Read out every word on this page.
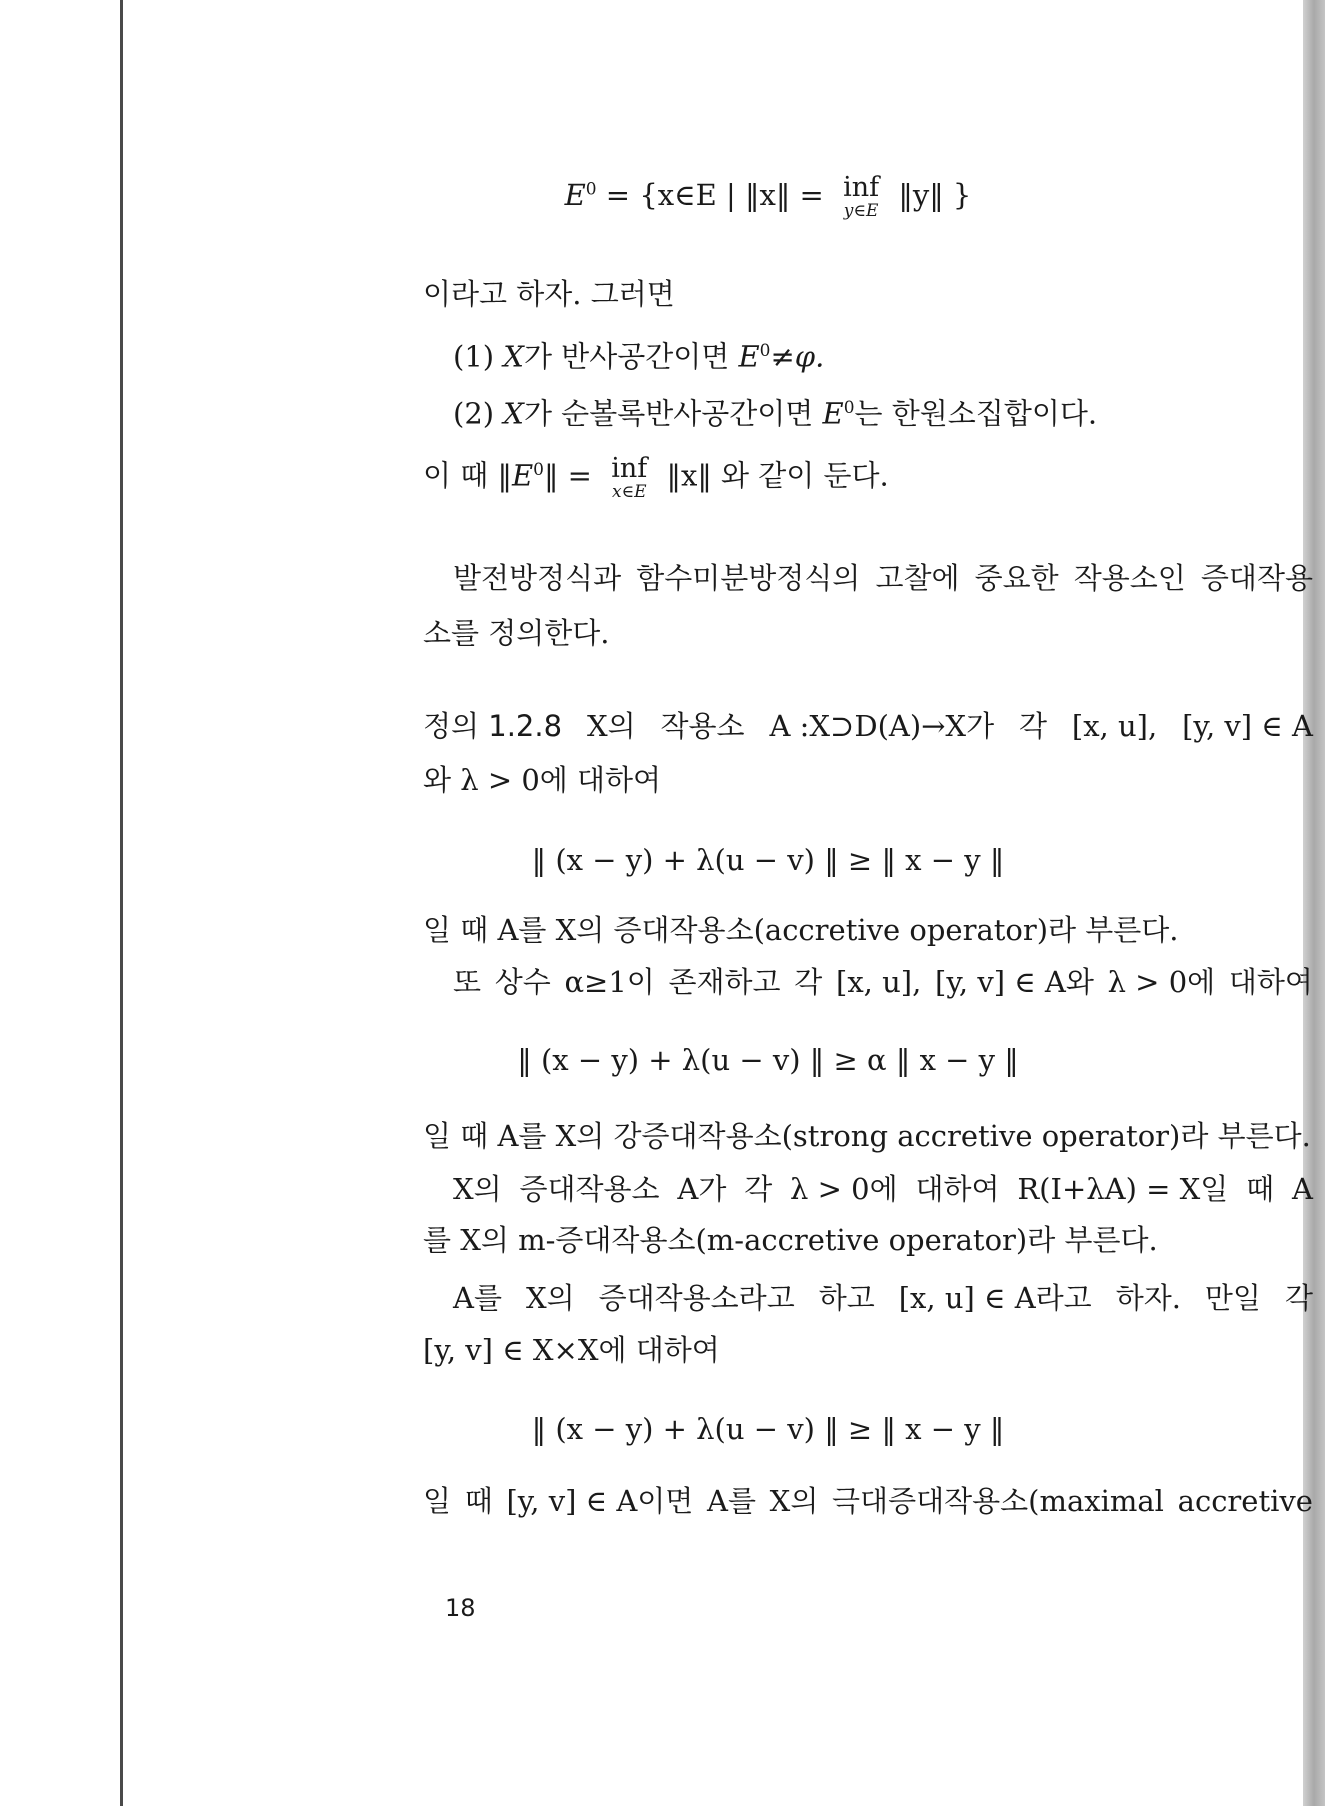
$E^0$ = {x∈E | ‖x‖ = inf
y∈E ‖y‖ }
이라고 하자. 그러면
(1) X가 반사공간이면 $E^0\ne\varphi$.
(2) X가 순볼록반사공간이면 $E^0$는 한원소집합이다.
이 때 $‖E^0‖$ = inf
x∈E ‖x‖ 와 같이 둔다.
발전방정식과 함수미분방정식의 고찰에 중요한 작용소인 증대작용
소를 정의한다.
정의 1.2.8 X의 작용소 A :X⊃D(A)→X가 각 [x, u], [y, v] ∈ A
와 λ > 0에 대하여
‖ (x − y) + λ(u − v) ‖ ≥ ‖ x − y ‖
일 때 A를 X의 증대작용소(accretive operator)라 부른다.
또 상수 α≥1이 존재하고 각 [x, u], [y, v] ∈ A와 λ > 0에 대하여
‖ (x − y) + λ(u − v) ‖ ≥ α ‖ x − y ‖
일 때 A를 X의 강증대작용소(strong accretive operator)라 부른다.
X의 증대작용소 A가 각 λ > 0에 대하여 R(I+λA) = X일 때 A
를 X의 m-증대작용소(m-accretive operator)라 부른다.
A를 X의 증대작용소라고 하고 [x, u] ∈ A라고 하자. 만일 각
[y, v] ∈ X×X에 대하여
‖ (x − y) + λ(u − v) ‖ ≥ ‖ x − y ‖
일 때 [y, v] ∈ A이면 A를 X의 극대증대작용소(maximal accretive
18
